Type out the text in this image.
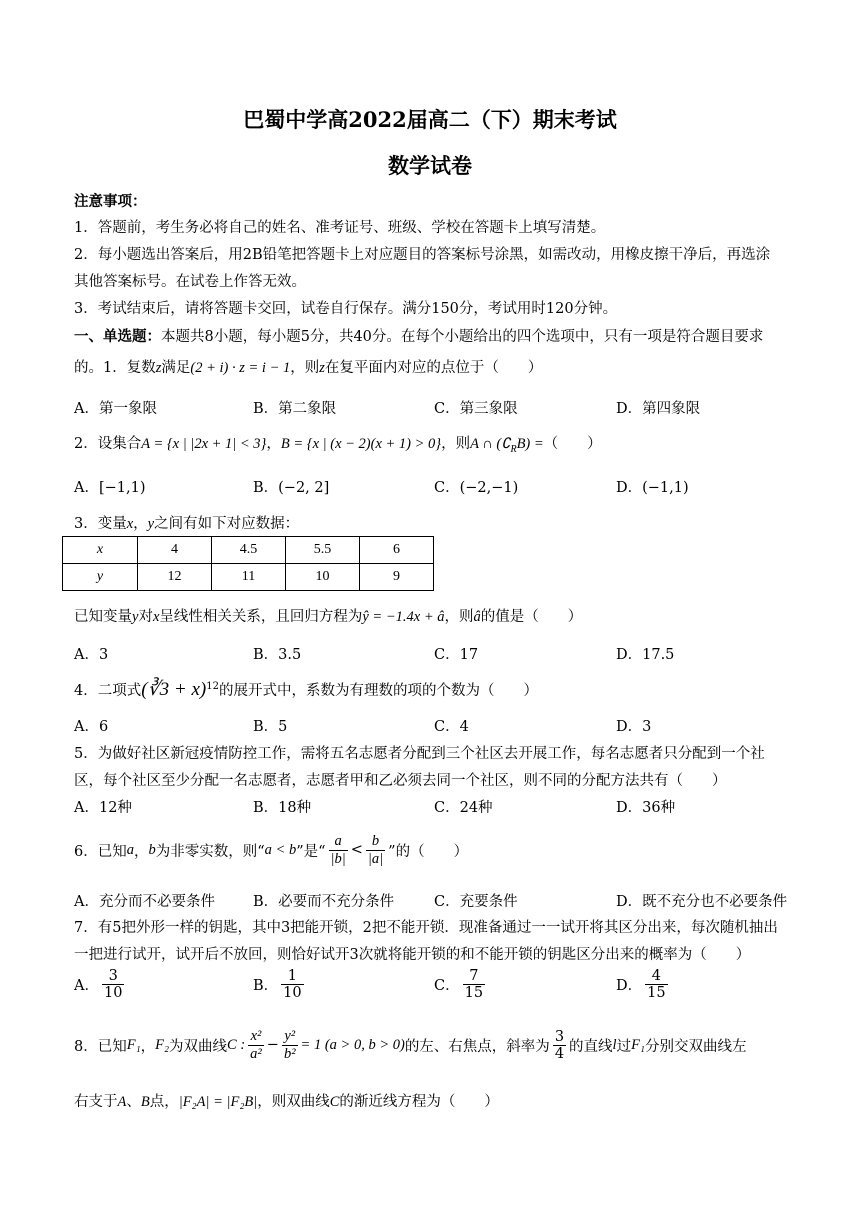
巴蜀中学高2022届高二（下）期末考试
数学试卷
注意事项：
1．答题前，考生务必将自己的姓名、准考证号、班级、学校在答题卡上填写清楚。
2．每小题选出答案后，用2B铅笔把答题卡上对应题目的答案标号涂黑，如需改动，用橡皮擦干净后，再选涂
其他答案标号。在试卷上作答无效。
3．考试结束后，请将答题卡交回，试卷自行保存。满分150分，考试用时120分钟。
一、单选题：本题共8小题，每小题5分，共40分。在每个小题给出的四个选项中，只有一项是符合题目要求
的。1．复数z满足(2 + i) · z = i − 1，则z在复平面内对应的点位于（　　）
A．第一象限	B．第二象限	C．第三象限	D．第四象限
2．设集合A = {x | |2x + 1| < 3}，B = {x | (x − 2)(x + 1) > 0}，则A ∩ $(∁_RB)$ =（　　）
A．[−1,1)	B．(−2, 2]	C．(−2,−1)	D．(−1,1)
3．变量x，y之间有如下对应数据：
x	4	4.5	5.5	6
y	12	11	10	9
已知变量y对x呈线性相关关系，且回归方程为ŷ = −1.4x + â，则â的值是（　　）
A．3	B．3.5	C．17	D．17.5
4．二项式(∛3 + x)$^{12}$的展开式中，系数为有理数的项的个数为（　　）
A．6	B．5	C．4	D．3
5．为做好社区新冠疫情防控工作，需将五名志愿者分配到三个社区去开展工作，每名志愿者只分配到一个社
区，每个社区至少分配一名志愿者，志愿者甲和乙必须去同一个社区，则不同的分配方法共有（　　）
A．12种	B．18种	C．24种	D．36种
6．已知 a ， b 为非零实数，则“ a < b ”是“ $\frac{a}{|b|} < \frac{b}{|a|}$ ”的（　　）
A．充分而不必要条件	B．必要而不充分条件	C．充要条件	D．既不充分也不必要条件
7．有5把外形一样的钥匙，其中3把能开锁，2把不能开锁．现准备通过一一试开将其区分出来，每次随机抽出
一把进行试开，试开后不放回，则恰好试开3次就将能开锁的和不能开锁的钥匙区分出来的概率为（　　）
A． $\frac{3}{10}$	B． $\frac{1}{10}$	C． $\frac{7}{15}$	D． $\frac{4}{15}$
8．已知 F₁ ， F₂ 为双曲线 C : $\frac{\text{x²}}{\text{a²}} - \frac{\text{y²}}{\text{b²}} = 1$ (a > 0, b > 0) 的左、右焦点，斜率为 $\frac{3}{4}$ 的直线 l 过 F₁ 分别交双曲线左
右支于A、B点，|F₂A| = |F₂B|，则双曲线C的渐近线方程为（　　）
